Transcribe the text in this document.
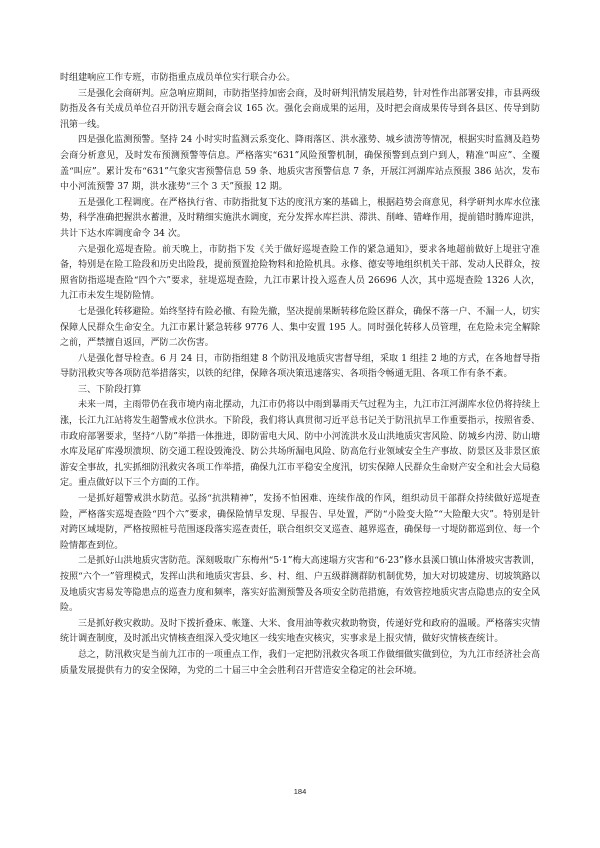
时组建响应工作专班，市防指重点成员单位实行联合办公。

三是强化会商研判。应急响应期间，市防指坚持加密会商，及时研判汛情发展趋势，针对性作出部署安排，市县两级防指及各有关成员单位召开防汛专题会商会议 165 次。强化会商成果的运用，及时把会商成果传导到各县区、传导到防汛第一线。

四是强化监测预警。坚持 24 小时实时监测云系变化、降雨落区、洪水涨势、城乡渍涝等情况，根据实时监测及趋势会商分析意见，及时发布预测预警等信息。严格落实“631”风险预警机制，确保预警到点到户到人，精准“叫应”、全覆盖“叫应”。累计发布“631”气象灾害预警信息 59 条、地质灾害预警信息 7 条，开展江河湖库站点预报 386 站次，发布中小河流预警 37 期，洪水涨势“三个 3 天”预报 12 期。

五是强化工程调度。在严格执行省、市防指批复下达的度汛方案的基础上，根据趋势会商意见，科学研判水库水位涨势，科学准确把握洪水蓄泄，及时精细实施洪水调度，充分发挥水库拦洪、滞洪、削峰、错峰作用，提前错时腾库迎洪，共计下达水库调度命令 34 次。

六是强化巡堤查险。前天晚上，市防指下发《关于做好巡堤查险工作的紧急通知》，要求各地超前做好上堤驻守准备，特别是在险工险段和历史出险段，提前预置抢险物料和抢险机具。永修、德安等地组织机关干部、发动人民群众，按照省防指巡堤查险“四个六”要求，驻堤巡堤查险，九江市累计投入巡查人员 26696 人次，其中巡堤查险 1326 人次，九江市未发生堤防险情。

七是强化转移避险。始终坚持有险必撤、有险先撤，坚决提前果断转移危险区群众，确保不落一户、不漏一人，切实保障人民群众生命安全。九江市累计紧急转移 9776 人、集中安置 195 人。同时强化转移人员管理，在危险未完全解除之前，严禁擅自返回，严防二次伤害。

八是强化督导检查。6 月 24 日，市防指组建 8 个防汛及地质灾害督导组，采取 1 组挂 2 地的方式，在各地督导指导防汛救灾等各项防范举措落实，以铁的纪律，保障各项决策迅速落实、各项指令畅通无阻、各项工作有条不紊。

三、下阶段打算

未来一周，主雨带仍在我市境内南北摆动，九江市仍将以中雨到暴雨天气过程为主，九江市江河湖库水位仍将持续上涨，长江九江站将发生超警戒水位洪水。下阶段，我们将认真贯彻习近平总书记关于防汛抗旱工作重要指示，按照省委、市政府部署要求，坚持“八防”举措一体推进，即防雷电大风、防中小河流洪水及山洪地质灾害风险、防城乡内涝、防山塘水库及尾矿库漫坝溃坝、防交通工程设毁淹没、防公共场所漏电风险、防高危行业领域安全生产事故、防景区及非景区旅游安全事故，扎实抓细防汛救灾各项工作举措，确保九江市平稳安全度汛，切实保障人民群众生命财产安全和社会大局稳定。重点做好以下三个方面的工作。

一是抓好超警戒洪水防范。弘扬“抗洪精神”，发扬不怕困难、连续作战的作风，组织动员干部群众持续做好巡堤查险，严格落实巡堤查险“四个六”要求，确保险情早发现、早报告、早处置，严防“小险变大险”“大险酿大灾”。特别是针对跨区域堤防，严格按照桩号范围逐段落实巡查责任，联合组织交叉巡查、越界巡查，确保每一寸堤防都巡到位、每一个险情都查到位。

二是抓好山洪地质灾害防范。深刻吸取广东梅州“5·1”梅大高速塌方灾害和“6·23”修水县溪口镇山体滑坡灾害教训，按照“六个一”管理模式，发挥山洪和地质灾害县、乡、村、组、户五级群测群防机制优势，加大对切坡建房、切坡筑路以及地质灾害易发等隐患点的巡查力度和频率，落实好监测预警及各项安全防范措施，有效管控地质灾害点隐患点的安全风险。

三是抓好救灾救助。及时下拨折叠床、帐篷、大米、食用油等救灾救助物资，传递好党和政府的温暖。严格落实灾情统计调查制度，及时派出灾情核查组深入受灾地区一线实地查灾核灾，实事求是上报灾情，做好灾情核查统计。

总之，防汛救灾是当前九江市的一项重点工作，我们一定把防汛救灾各项工作做细做实做到位，为九江市经济社会高质量发展提供有力的安全保障，为党的二十届三中全会胜利召开营造安全稳定的社会环境。

184
